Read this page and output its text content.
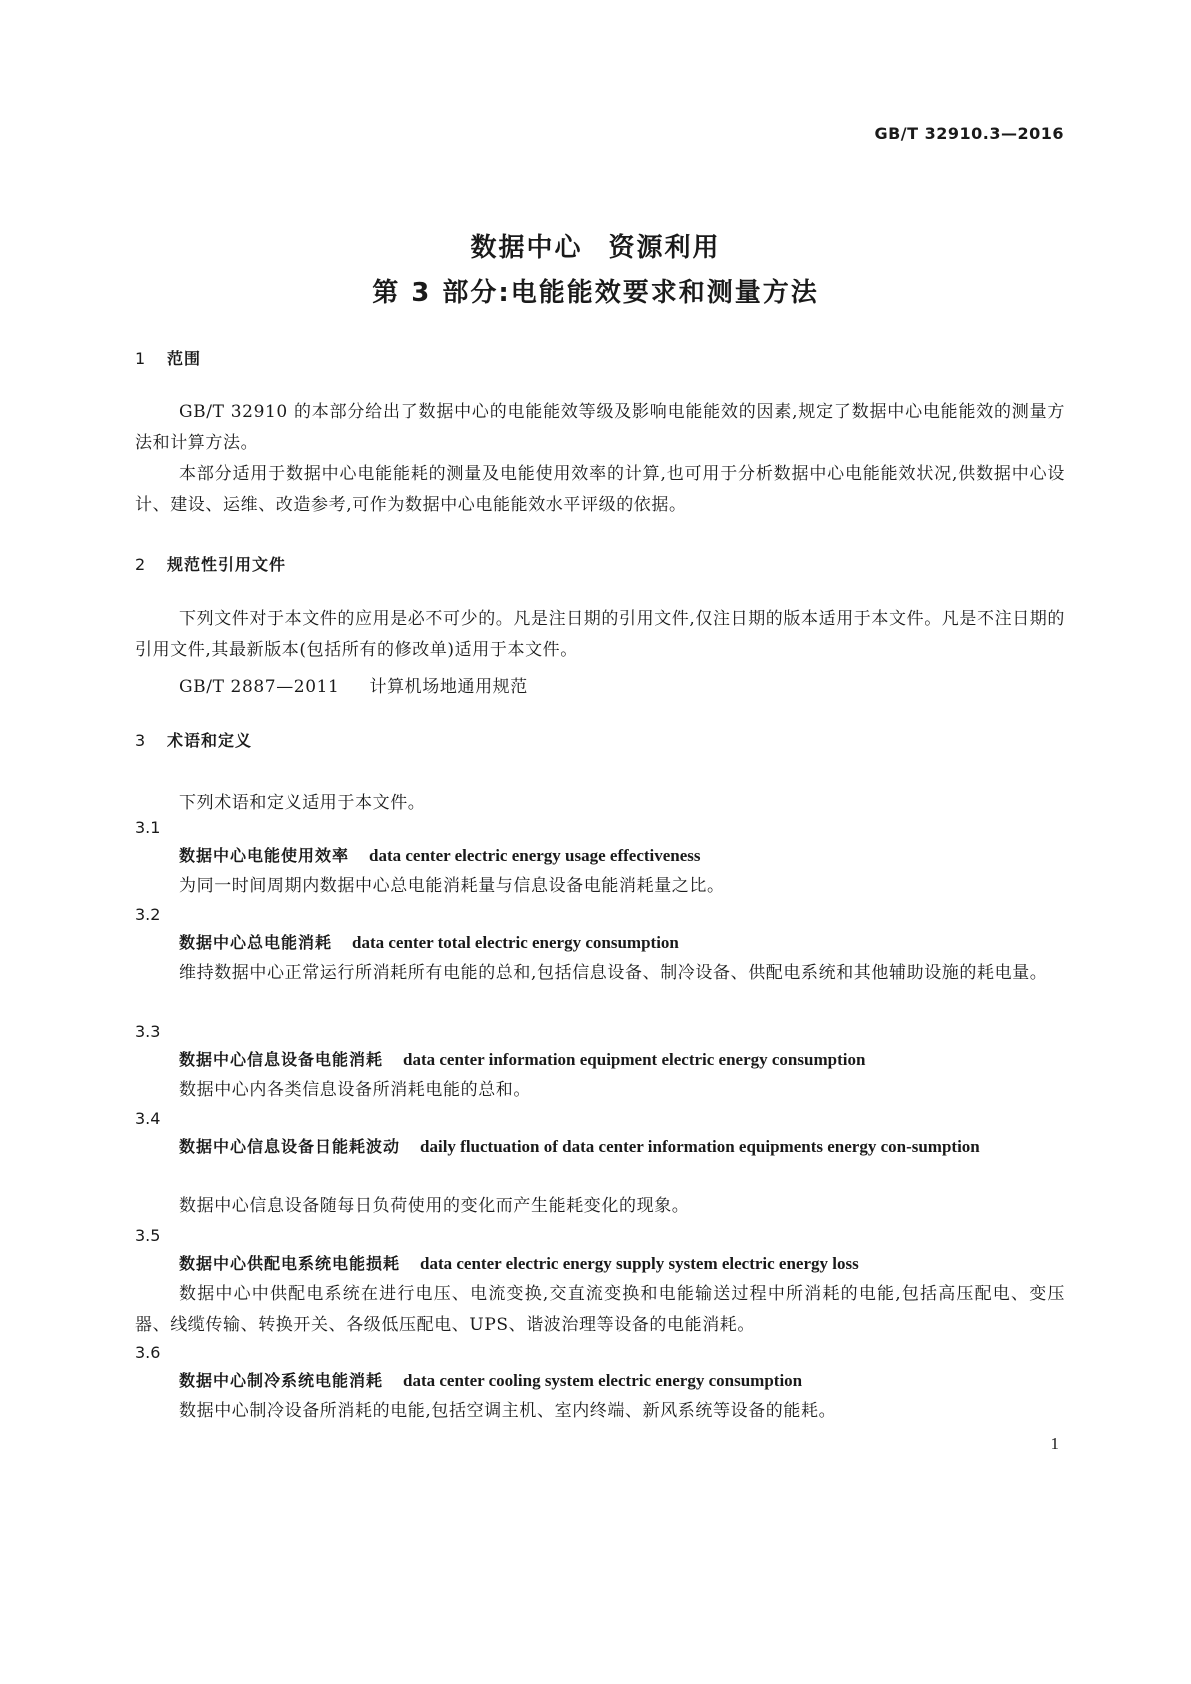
GB/T 32910.3—2016
数据中心 资源利用
第 3 部分:电能能效要求和测量方法
1 范围
GB/T 32910 的本部分给出了数据中心的电能能效等级及影响电能能效的因素,规定了数据中心电能能效的测量方法和计算方法。
本部分适用于数据中心电能能耗的测量及电能使用效率的计算,也可用于分析数据中心电能能效状况,供数据中心设计、建设、运维、改造参考,可作为数据中心电能能效水平评级的依据。
2 规范性引用文件
下列文件对于本文件的应用是必不可少的。凡是注日期的引用文件,仅注日期的版本适用于本文件。凡是不注日期的引用文件,其最新版本(包括所有的修改单)适用于本文件。
GB/T 2887—2011 计算机场地通用规范
3 术语和定义
下列术语和定义适用于本文件。
3.1
数据中心电能使用效率 data center electric energy usage effectiveness
为同一时间周期内数据中心总电能消耗量与信息设备电能消耗量之比。
3.2
数据中心总电能消耗 data center total electric energy consumption
维持数据中心正常运行所消耗所有电能的总和,包括信息设备、制冷设备、供配电系统和其他辅助设施的耗电量。
3.3
数据中心信息设备电能消耗 data center information equipment electric energy consumption
数据中心内各类信息设备所消耗电能的总和。
3.4
数据中心信息设备日能耗波动 daily fluctuation of data center information equipments energy con-sumption
数据中心信息设备随每日负荷使用的变化而产生能耗变化的现象。
3.5
数据中心供配电系统电能损耗 data center electric energy supply system electric energy loss
数据中心中供配电系统在进行电压、电流变换,交直流变换和电能输送过程中所消耗的电能,包括高压配电、变压器、线缆传输、转换开关、各级低压配电、UPS、谐波治理等设备的电能消耗。
3.6
数据中心制冷系统电能消耗 data center cooling system electric energy consumption
数据中心制冷设备所消耗的电能,包括空调主机、室内终端、新风系统等设备的能耗。
1
